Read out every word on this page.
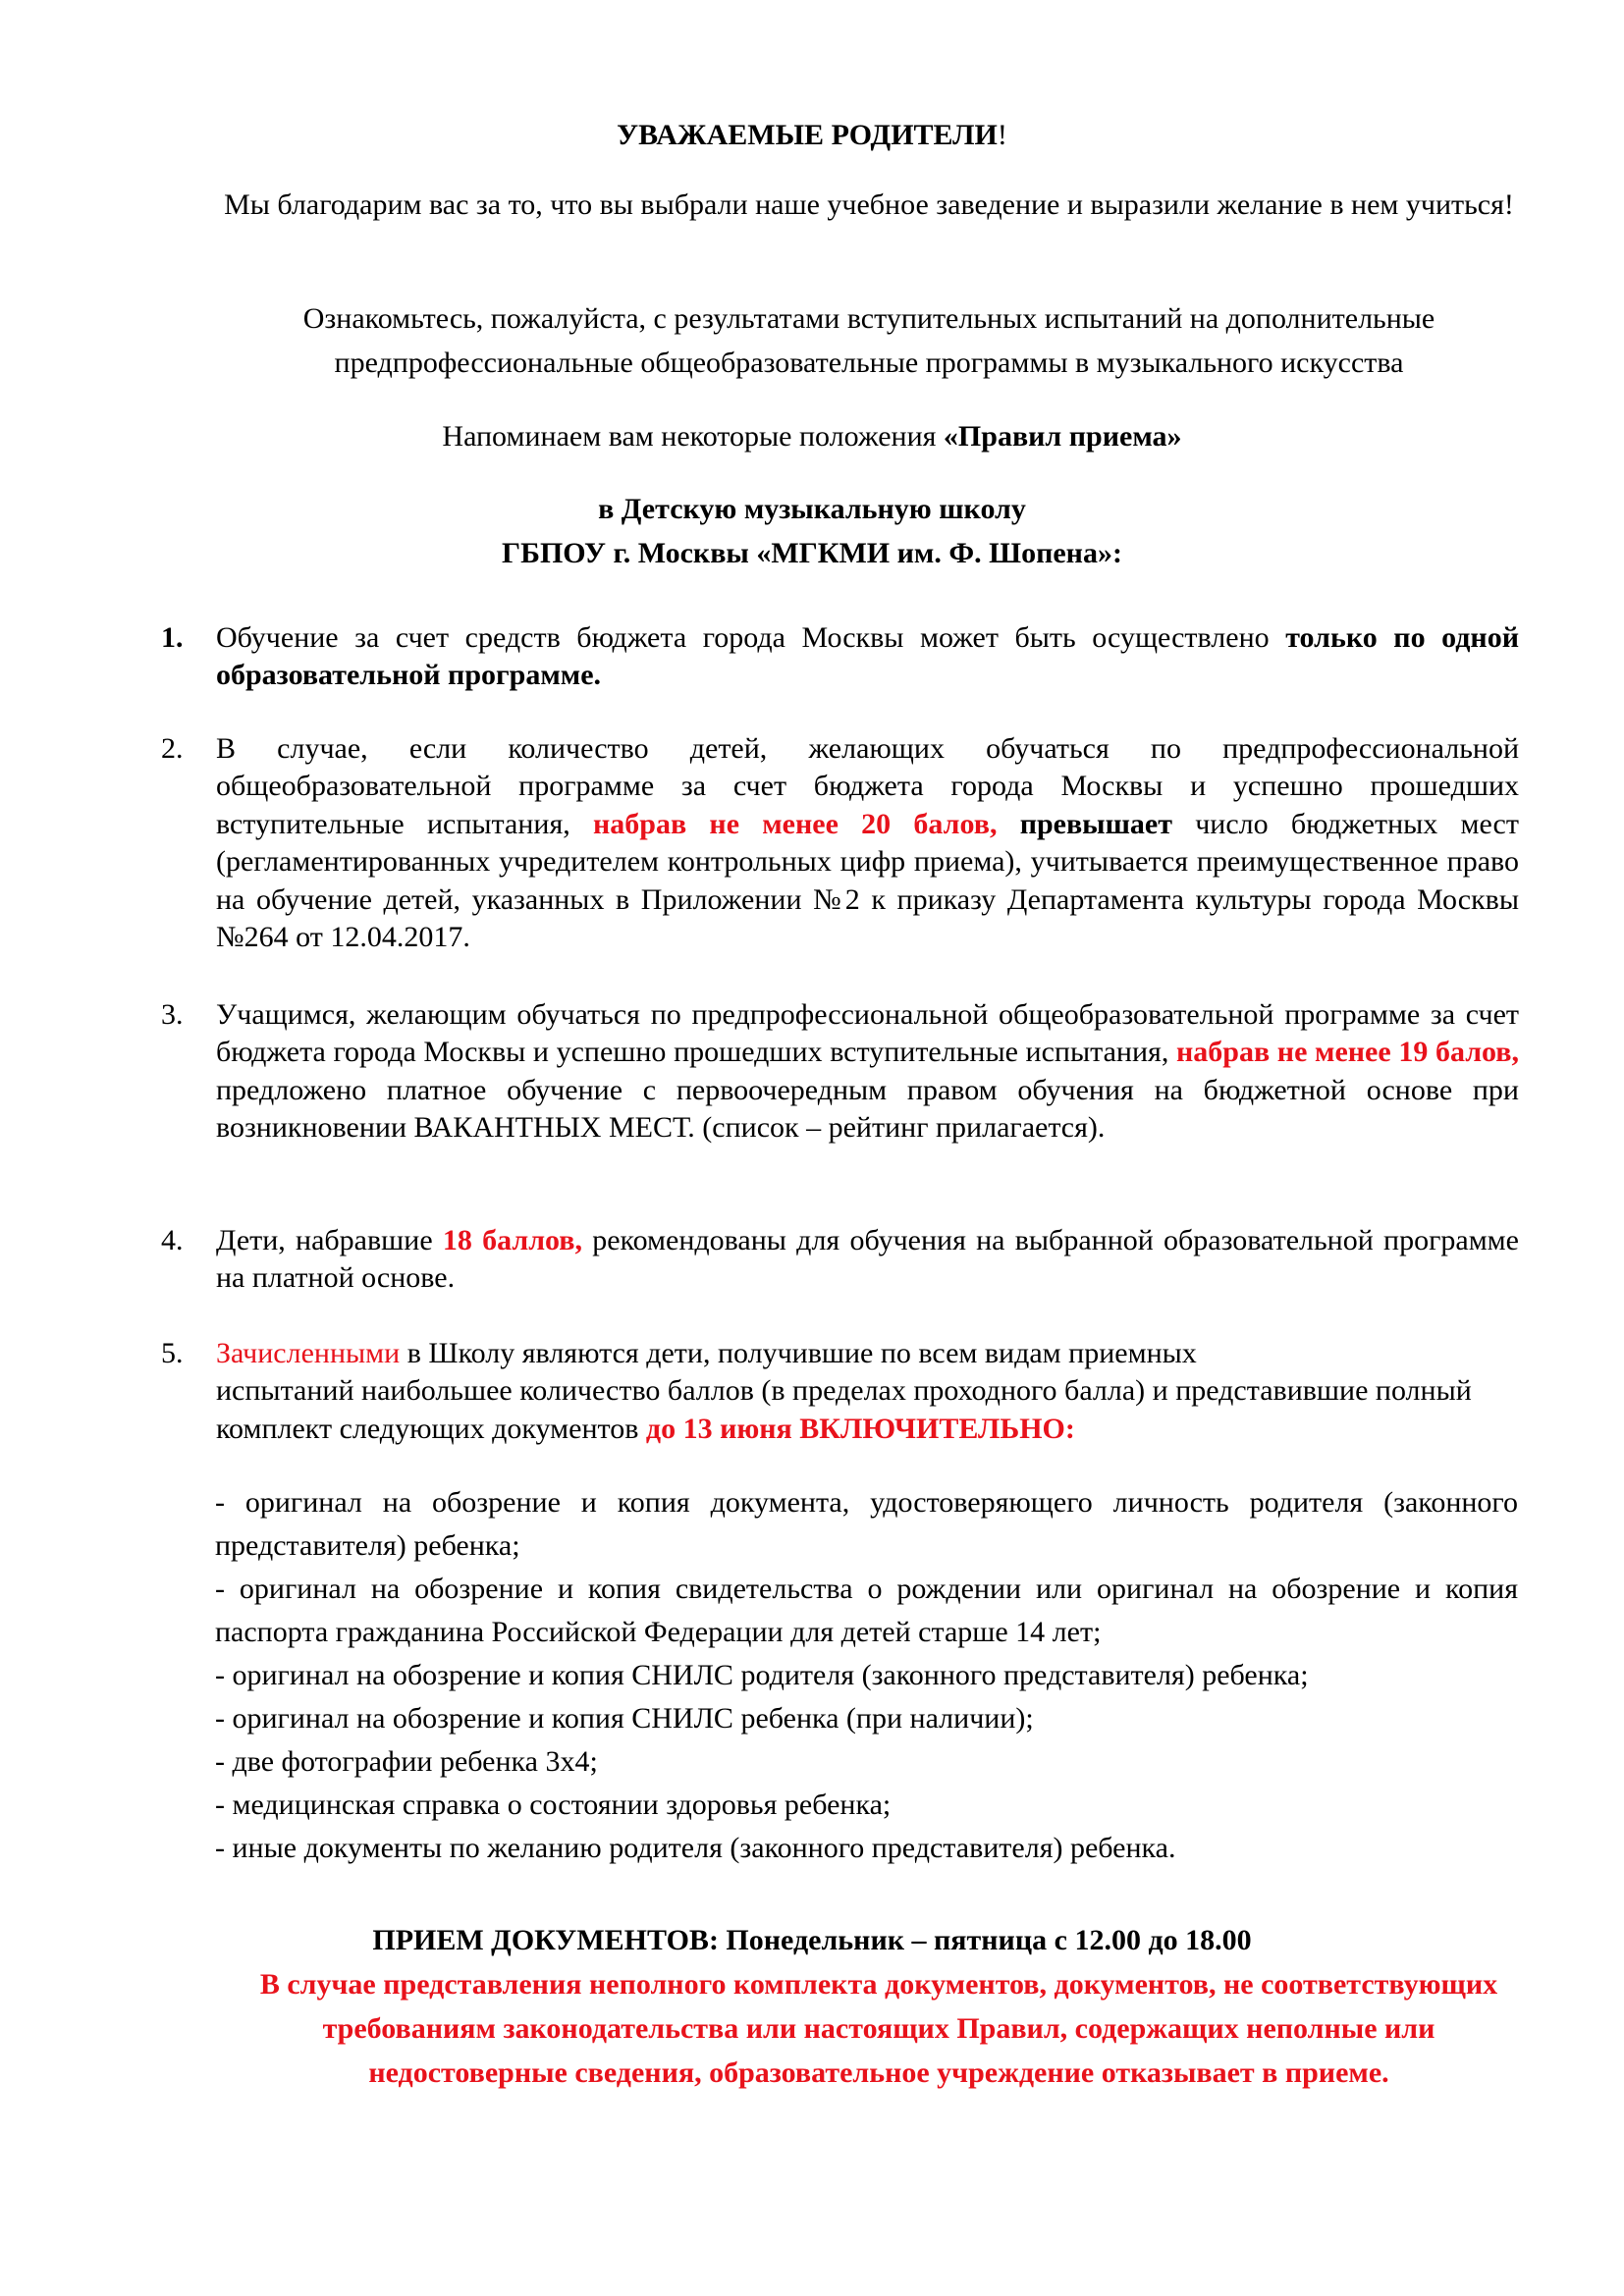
УВАЖАЕМЫЕ РОДИТЕЛИ!
Мы благодарим вас за то, что вы выбрали наше учебное заведение и выразили желание в нем учиться!
Ознакомьтесь, пожалуйста, с результатами вступительных испытаний на дополнительные предпрофессиональные общеобразовательные программы в музыкального искусства
Напоминаем вам некоторые положения «Правил приема»
в Детскую музыкальную школу
ГБПОУ г. Москвы «МГКМИ им. Ф. Шопена»:
1. Обучение за счет средств бюджета города Москвы может быть осуществлено только по одной образовательной программе.
2. В случае, если количество детей, желающих обучаться по предпрофессиональной общеобразовательной программе за счет бюджета города Москвы и успешно прошедших вступительные испытания, набрав не менее 20 балов, превышает число бюджетных мест (регламентированных учредителем контрольных цифр приема), учитывается преимущественное право на обучение детей, указанных в Приложении №2 к приказу Департамента культуры города Москвы №264 от 12.04.2017.
3. Учащимся, желающим обучаться по предпрофессиональной общеобразовательной программе за счет бюджета города Москвы и успешно прошедших вступительные испытания, набрав не менее 19 балов, предложено платное обучение с первоочередным правом обучения на бюджетной основе при возникновении ВАКАНТНЫХ МЕСТ. (список – рейтинг прилагается).
4. Дети, набравшие 18 баллов, рекомендованы для обучения на выбранной образовательной программе на платной основе.
5. Зачисленными в Школу являются дети, получившие по всем видам приемных
испытаний наибольшее количество баллов (в пределах проходного балла) и представившие полный комплект следующих документов до 13 июня ВКЛЮЧИТЕЛЬНО:
- оригинал на обозрение и копия документа, удостоверяющего личность родителя (законного представителя) ребенка;
- оригинал на обозрение и копия свидетельства о рождении или оригинал на обозрение и копия паспорта гражданина Российской Федерации для детей старше 14 лет;
- оригинал на обозрение и копия СНИЛС родителя (законного представителя) ребенка;
- оригинал на обозрение и копия СНИЛС ребенка (при наличии);
- две фотографии ребенка 3х4;
- медицинская справка о состоянии здоровья ребенка;
- иные документы по желанию родителя (законного представителя) ребенка.
ПРИЕМ ДОКУМЕНТОВ: Понедельник – пятница с 12.00 до 18.00
В случае представления неполного комплекта документов, документов, не соответствующих требованиям законодательства или настоящих Правил, содержащих неполные или недостоверные сведения, образовательное учреждение отказывает в приеме.
